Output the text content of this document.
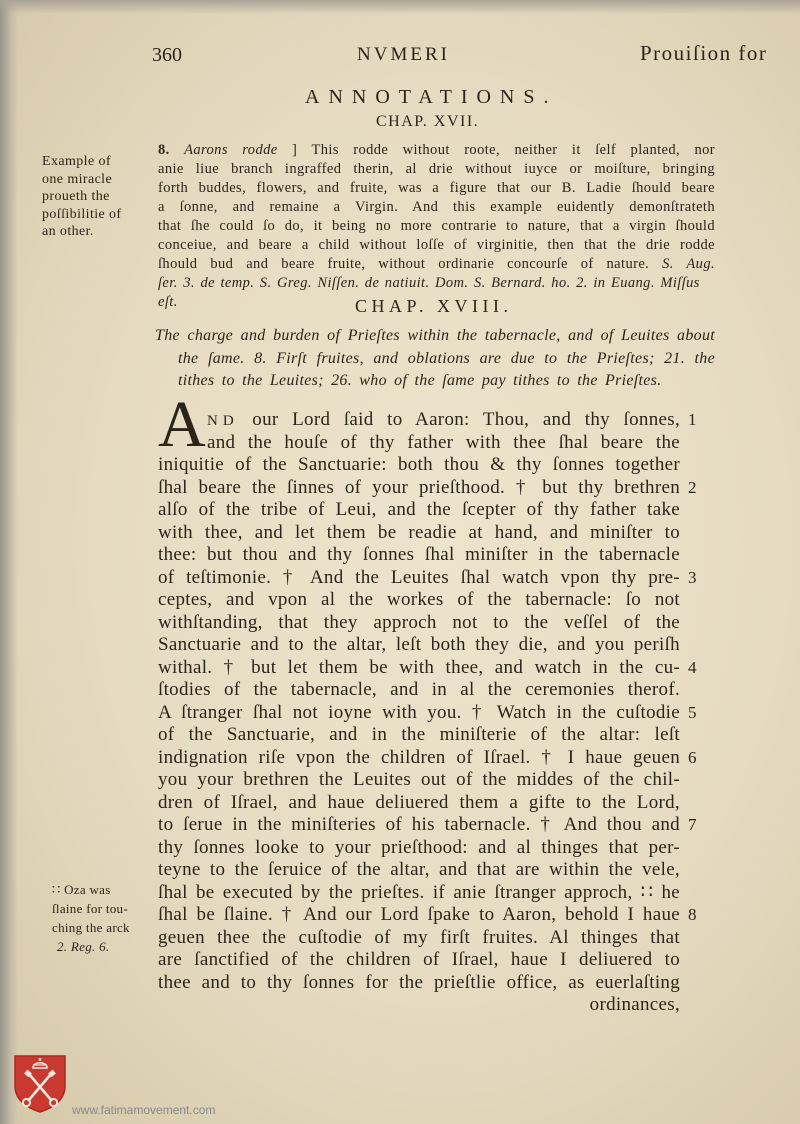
360	NVMERI	Prouiſion for
ANNOTATIONS.
CHAP. XVII.
8. Aarons rodde ] This rodde without roote, neither it ſelf planted, nor
anie liue branch ingraffed therin, al drie without iuyce or moiſture, bringing
forth buddes, flowers, and fruite, was a figure that our B. Ladie ſhould beare
a ſonne, and remaine a Virgin. And this example euidently demonſtrateth
that ſhe could ſo do, it being no more contrarie to nature, that a virgin ſhould
conceiue, and beare a child without loſſe of virginitie, then that the drie rodde
ſhould bud and beare fruite, without ordinarie concourſe of nature. S. Aug.
ſer. 3. de temp. S. Greg. Niſſen. de natiuit. Dom. S. Bernard. ho. 2. in Euang. Miſſus eſt.
Example of
one miracle
proueth the
poſſibilitie of
an other.
CHAP. XVIII.
The charge and burden of Prieſtes within the tabernacle, and of Leuites about
the ſame. 8. Firſt fruites, and oblations are due to the Prieſtes; 21. the
tithes to the Leuites; 26. who of the ſame pay tithes to the Prieſtes.
A ND our Lord ſaid to Aaron: Thou, and thy ſonnes, 1
and the houſe of thy father with thee ſhal beare the
iniquitie of the Sanctuarie: both thou & thy ſonnes together
ſhal beare the ſinnes of your prieſthood. † but thy brethren 2
alſo of the tribe of Leui, and the ſcepter of thy father take
with thee, and let them be readie at hand, and miniſter to
thee: but thou and thy ſonnes ſhal miniſter in the tabernacle
of teſtimonie. † And the Leuites ſhal watch vpon thy pre- 3
ceptes, and vpon al the workes of the tabernacle: ſo not
withſtanding, that they approch not to the veſſel of the
Sanctuarie and to the altar, leſt both they die, and you periſh
withal. † but let them be with thee, and watch in the cu- 4
ſtodies of the tabernacle, and in al the ceremonies therof.
A ſtranger ſhal not ioyne with you. † Watch in the cuſtodie 5
of the Sanctuarie, and in the miniſterie of the altar: leſt
indignation riſe vpon the children of Iſrael. † I haue geuen 6
you your brethren the Leuites out of the middes of the chil-
dren of Iſrael, and haue deliuered them a gifte to the Lord,
to ſerue in the miniſteries of his tabernacle. † And thou and 7
thy ſonnes looke to your prieſthood: and al thinges that per-
teyne to the ſeruice of the altar, and that are within the vele,
ſhal be executed by the prieſtes. if anie ſtranger approch, ∷ he
ſhal be ſlaine. † And our Lord ſpake to Aaron, behold I haue 8
geuen thee the cuſtodie of my firſt fruites. Al thinges that
are ſanctified of the children of Iſrael, haue I deliuered to
thee and to thy ſonnes for the prieſtlie office, as euerlaſting
ordinances,
∷ Oza was
ſlaine for tou-
ching the arck
2. Reg. 6.
www.fatimamovement.com
